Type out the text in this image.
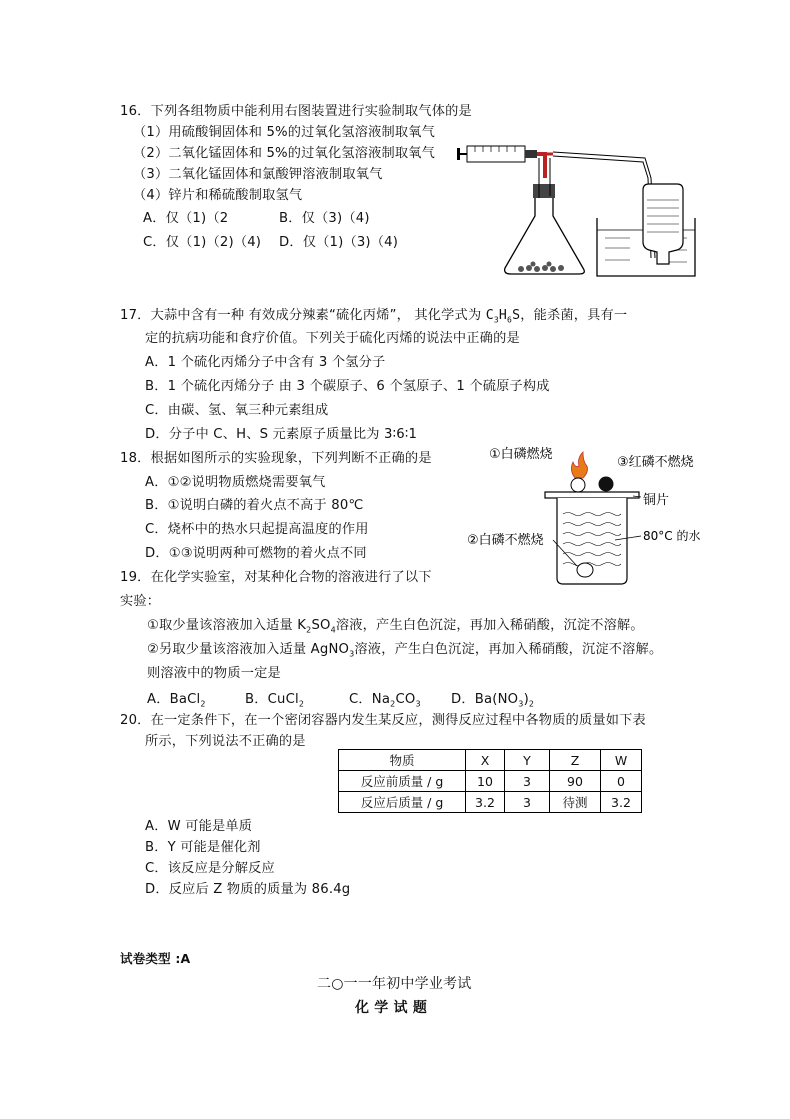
16．下列各组物质中能利用右图装置进行实验制取气体的是
（1）用硫酸铜固体和 5%的过氧化氢溶液制取氧气
（2）二氧化锰固体和 5%的过氧化氢溶液制取氧气
（3）二氧化锰固体和氯酸钾溶液制取氧气
（4）锌片和稀硫酸制取氢气
A．仅（1)（2	B．仅（3)（4)
C．仅（1)（2)（4) D．仅（1)（3)（4)
17．大蒜中含有一种 有效成分辣素“硫化丙烯”， 其化学式为 $C_3H_6S$，能杀菌，具有一
定的抗病功能和食疗价值。下列关于硫化丙烯的说法中正确的是
A．1 个硫化丙烯分子中含有 3 个氢分子
B．1 个硫化丙烯分子 由 3 个碳原子、6 个氢原子、1 个硫原子构成
C．由碳、氢、氧三种元素组成
D．分子中 C、H、S 元素原子质量比为 3∶6∶1
18．根据如图所示的实验现象，下列判断不正确的是
A．①②说明物质燃烧需要氧气
B．①说明白磷的着火点不高于 80℃
C．烧杯中的热水只起提高温度的作用
D．①③说明两种可燃物的着火点不同
①白磷燃烧
③红磷不燃烧
铜片
②白磷不燃烧	80°C 的水
19．在化学实验室，对某种化合物的溶液进行了以下
实验：
①取少量该溶液加入适量 $K_2SO_4$溶液，产生白色沉淀，再加入稀硝酸，沉淀不溶解。
②另取少量该溶液加入适量 AgNO$_3$溶液，产生白色沉淀，再加入稀硝酸，沉淀不溶解。
则溶液中的物质一定是
A．BaCl$_2$	B．CuCl$_2$	C．$Na_2CO_3$ D．$Ba(NO_3)_2$
20．在一定条件下，在一个密闭容器内发生某反应，测得反应过程中各物质的质量如下表
所示，下列说法不正确的是
物质	X	Y	Z	W
反应前质量 / g	10	3	90	0
反应后质量 / g	3.2	3	待测	3.2
A．W 可能是单质
B．Y 可能是催化剂
C．该反应是分解反应
D．反应后 Z 物质的质量为 86.4g
试卷类型 :A
二○一一年初中学业考试
化 学 试 题
